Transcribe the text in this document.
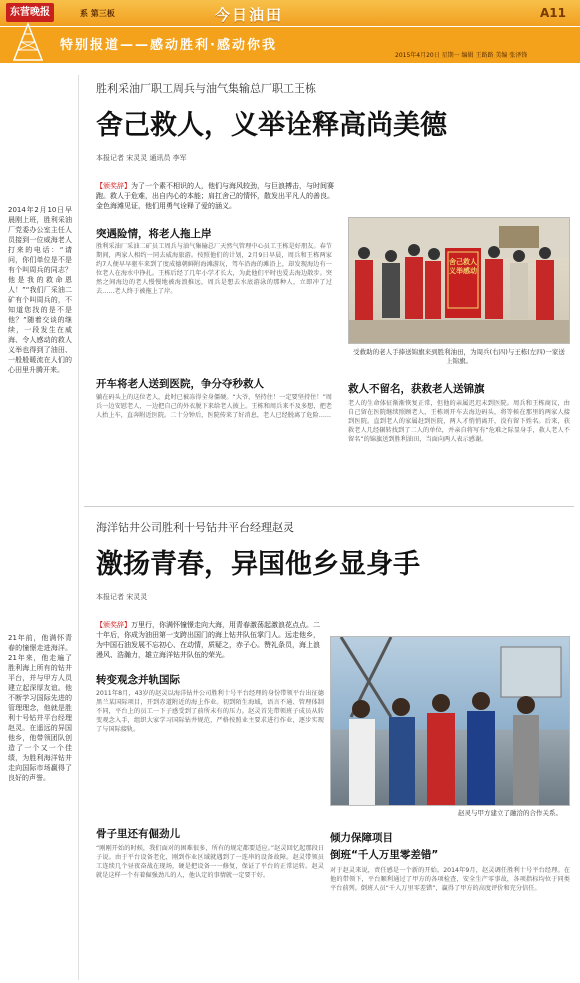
东营晚报	系 第三板	今日油田	A11
特别报道——感动胜利·感动你我
2015年4月20日 星期一 编辑 王路路 美编 张泽锋
胜利采油厂职工周兵与油气集输总厂职工王栋
舍己救人，义举诠释高尚美德
本报记者 宋灵灵 通讯员 李军
2014年2月10日早晨刚上班，胜利采油厂党委办公室主任人员接到一位威海老人打来的电话：“请问，你们单位是不是有个叫周兵的同志？他是我的救命恩人！”“我们厂采油二矿有个叫周兵的，不知道您找的是不是他？”随着交谈的继续，一段发生在威海、令人感动的救人义举也得到了油田、一般般暖流在人们的心田里升腾开来。
【颁奖辞】为了一个素不相识的人，他们与海风较劲，与巨浪搏击，与时间赛跑。救人于危难，出自内心的本能；肩扛舍己的情怀，散发出平凡人的善良。金色海滩见证，他们用勇气诠释了爱的涵义。
突遇险情，将老人拖上岸
胜利采油厂采油二矿员工周兵与油气集输总厂天然气管理中心员工王栋是好朋友。春节期间，两家人相约一同去威海旅游。按照他们的计划，2月9日早晨，周兵和王栋两家约7人便早早驱车来到了度成德朝鲜附海滩游玩，驾车沿海的滩沿上，却发现海边有一位老人在海水中挣扎。王栋后经了几年小学才长大，为此他们平时也爱去海边散步。突然之间海边的老人慢慢地被海浪推远，周兵是想去水底游泳的那种人，立即冲了过去……老人终于被拖上了岸。
开车将老人送到医院，争分夺秒救人
躺在码头上的这位老人，此时已被冻得全身僵硬。“大爷，坚持住！一定要坚持住！”周兵一边安慰老人，一边把自己的外衣脱下来给老人披上。王栋和周兵来不及多想，把老人抬上车，直奔附近医院。二十分钟后，医院传来了好消息，老人已经脱离了危险……
舍己救人义举感动
受救助的老人手捧送锦旗来到胜利油田，为周兵(右四)与王栋(左四)一家送上锦旗。
救人不留名，获救老人送锦旗
老人的生命体征渐渐恢复正常，但他的亲属迟迟未到医院。周兵和王栋商议，由自己留在医院继续照顾老人，王栋则开车去海边码头，将等候在那里的两家人接到医院。直到老人的家属赶到医院，两人才悄悄离开，没有留下姓名。后来，获救老人几经辗转找到了二人的单位，并亲自将写有“危难之际显身手，救人老人不留名”的锦旗送到胜利油田，当面向两人表示感谢。
海洋钻井公司胜利十号钻井平台经理赵灵
激扬青春，异国他乡显身手
本报记者 宋灵灵
21年前，他满怀青春的憧憬走进海洋。21年来，他走遍了胜利海上所有的钻井平台，并与甲方人员建立起深厚友谊。他不断学习国际先进的管理理念，他就是胜利十号钻井平台经理赵灵。在遥远的异国他乡，他带领团队创造了一个又一个佳绩，为胜利海洋钻井走向国际市场赢得了良好的声誉。
【颁奖辞】万里行，你满怀憧憬走向大海，用青春激荡起激浪花点点。二十年后，你成为油田第一支跨出国门的海上钻井队伍掌门人。远走他乡，为中国石油发展不忘初心、在动情，质疑之，赤子心。赞礼条员，海上浪漫风、浩瀚力，雄立海洋钻井队伍的荣光。
转变观念并轨国际
2011年8月，43岁的赵灵以海洋钻井公司胜利十号平台经理的身份带领平台出征德黑兰某国际项目，开到赤道附近的海上作业。初到陌生海域，语言不通、管理体制不同，平台上的员工一下子感受到了前所未有的压力。赵灵首先带领班子成员从转变观念入手，组织大家学习国际钻井规范，严格按照业主要求进行作业，逐步实现了与国际接轨。
骨子里还有倔劲儿
“刚刚开始的时候，我们面对的困难很多，所有的规定都要适应。”赵灵回忆起那段日子说。由于平台设备老化，刚到作业区域就遇到了一连串的设备故障。赵灵带领员工连续几个昼夜奋战在现场，硬是把设备一一修复，保证了平台的正常运转。赵灵就是这样一个有着倔强劲儿的人，他认定的事情就一定要干好。
赵灵与甲方建立了融洽的合作关系。
倾力保障项目
倒班“千人万里零差错”
对于赵灵来说，责任感是一个新的开始。2014年9月，赵灵调任胜利十号平台经理。在他的带领下，平台顺利通过了甲方的各项检查，安全生产零事故，各项指标均位于同类平台前列。倒班人员“千人万里零差错”，赢得了甲方的高度评价和充分信任。
